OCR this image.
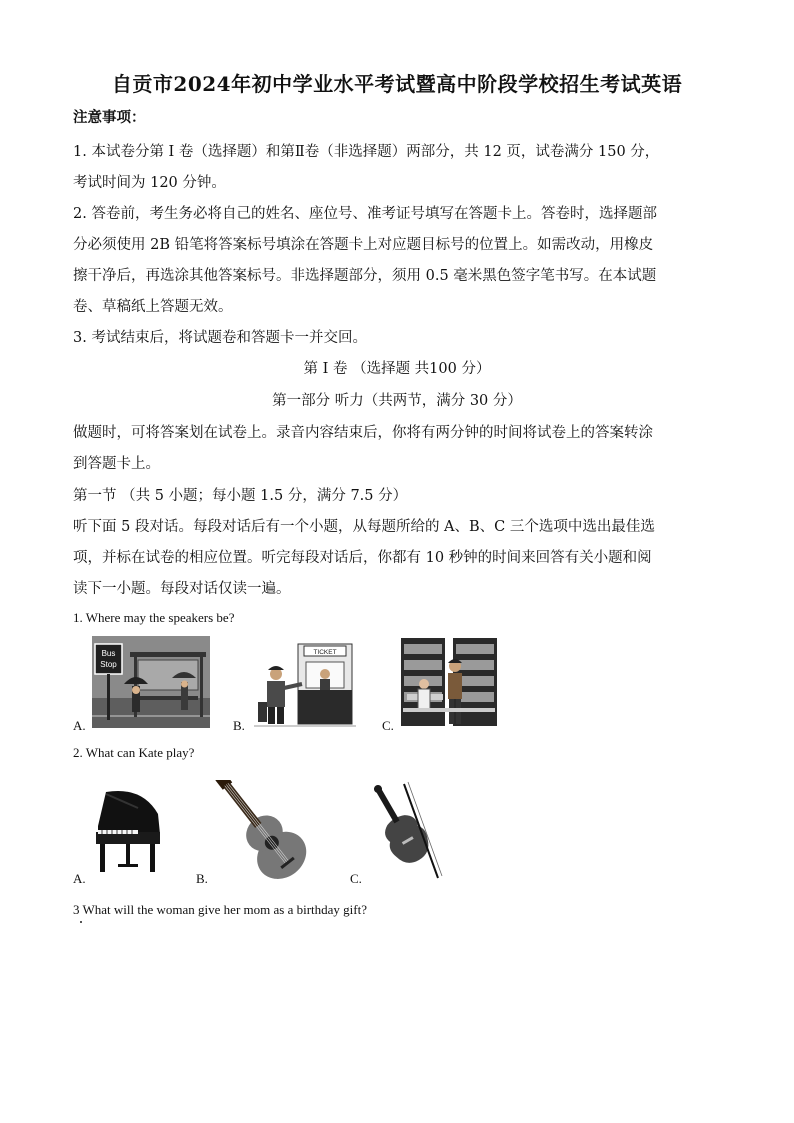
自贡市2024年初中学业水平考试暨高中阶段学校招生考试英语
注意事项：
1. 本试卷分第 I 卷（选择题）和第Ⅱ卷（非选择题）两部分，共 12 页，试卷满分 150 分，
考试时间为 120 分钟。
2. 答卷前，考生务必将自己的姓名、座位号、准考证号填写在答题卡上。答卷时，选择题部
分必须使用 2B 铅笔将答案标号填涂在答题卡上对应题目标号的位置上。如需改动，用橡皮
擦干净后，再选涂其他答案标号。非选择题部分，须用 0.5 毫米黑色签字笔书写。在本试题
卷、草稿纸上答题无效。
3. 考试结束后，将试题卷和答题卡一并交回。
第 I 卷 （选择题 共100 分）
第一部分 听力（共两节，满分 30 分）
做题时，可将答案划在试卷上。录音内容结束后，你将有两分钟的时间将试卷上的答案转涂
到答题卡上。
第一节 （共 5 小题；每小题 1.5 分，满分 7.5 分）
听下面 5 段对话。每段对话后有一个小题，从每题所给的 A、B、C 三个选项中选出最佳选
项，并标在试卷的相应位置。听完每段对话后，你都有 10 秒钟的时间来回答有关小题和阅
读下一小题。每段对话仅读一遍。
1. Where may the speakers be?
Bus
Stop
TICKET
A.	B.	C.
2. What can Kate play?
A.	B.	C.
3 What will the woman give her mom as a birthday gift?
